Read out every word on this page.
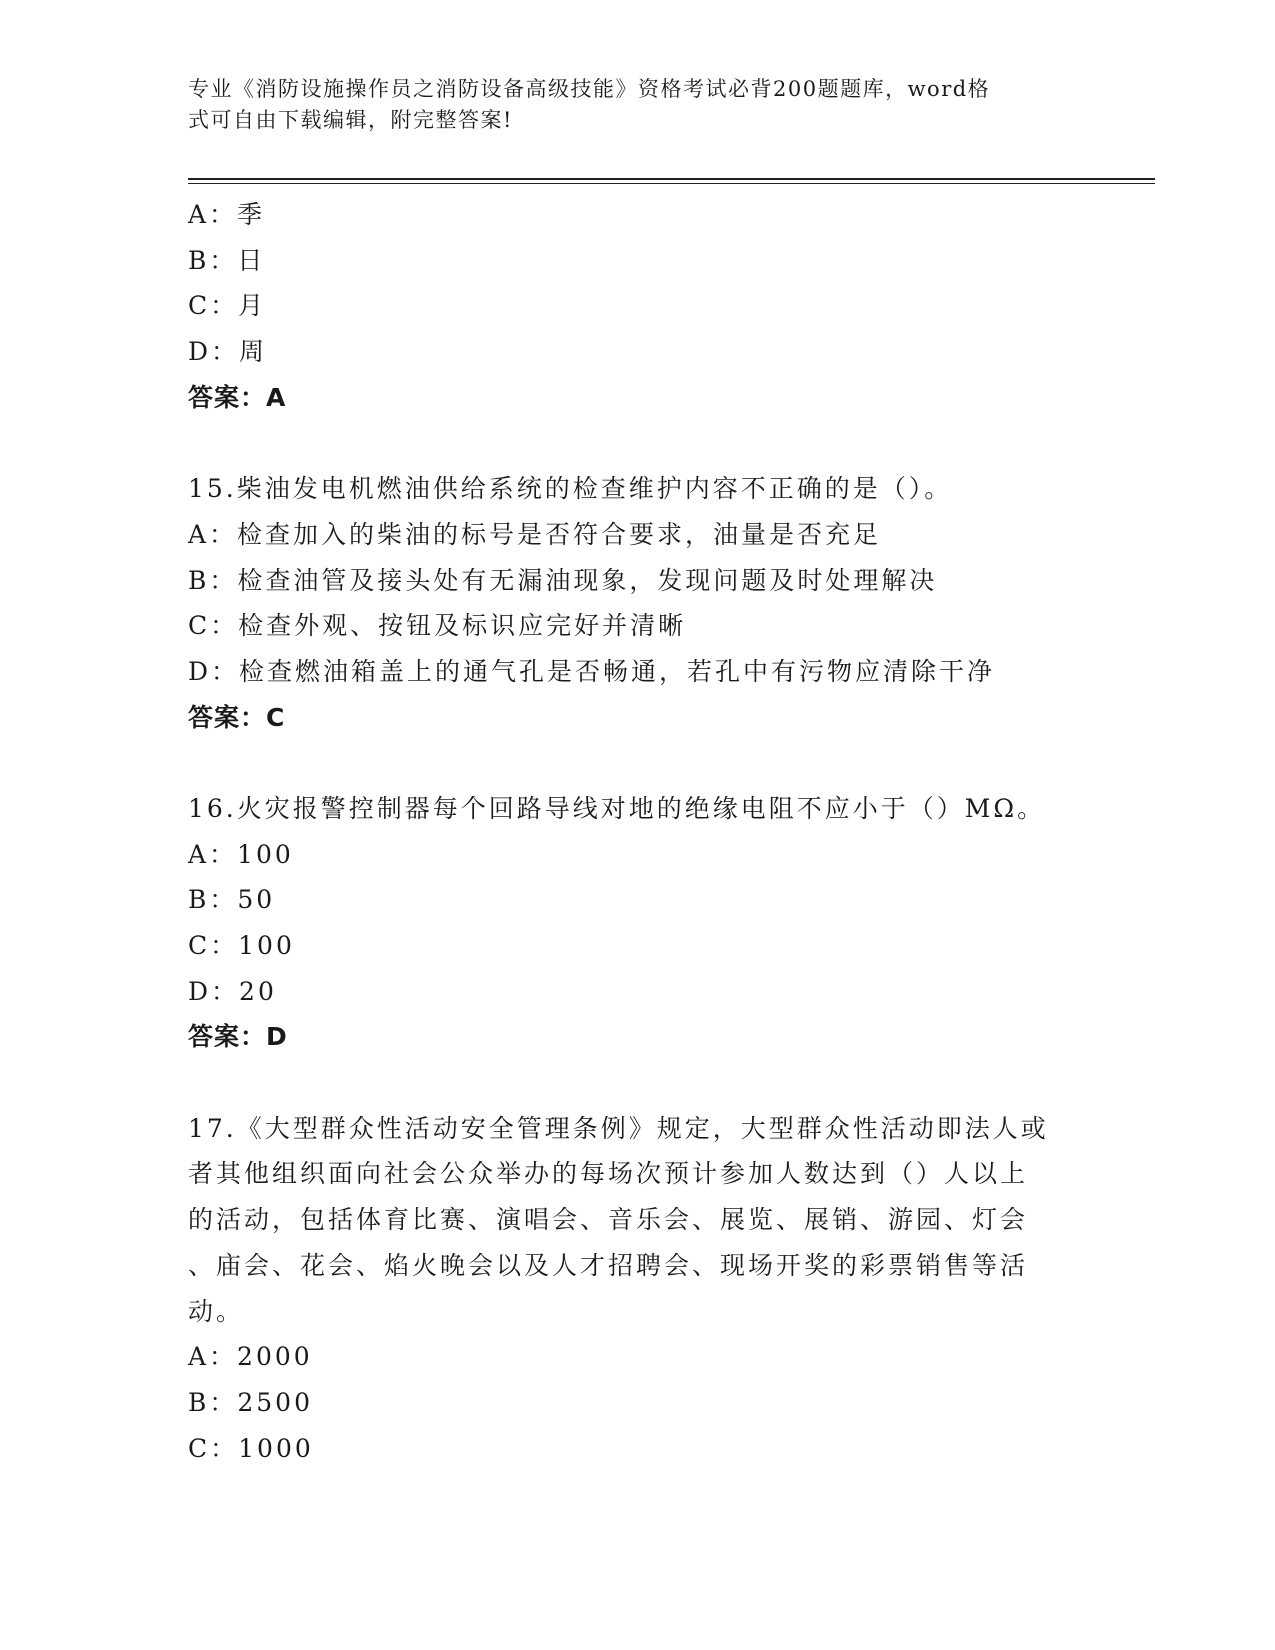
专业《消防设施操作员之消防设备高级技能》资格考试必背200题题库，word格
式可自由下载编辑，附完整答案!
A：季
B：日
C：月
D：周
答案：A
15.柴油发电机燃油供给系统的检查维护内容不正确的是（）。
A：检查加入的柴油的标号是否符合要求，油量是否充足
B：检查油管及接头处有无漏油现象，发现问题及时处理解决
C：检查外观、按钮及标识应完好并清晰
D：检查燃油箱盖上的通气孔是否畅通，若孔中有污物应清除干净
答案：C
16.火灾报警控制器每个回路导线对地的绝缘电阻不应小于（）MΩ。
A：100
B：50
C：100
D：20
答案：D
17.《大型群众性活动安全管理条例》规定，大型群众性活动即法人或
者其他组织面向社会公众举办的每场次预计参加人数达到（）人以上
的活动，包括体育比赛、演唱会、音乐会、展览、展销、游园、灯会
、庙会、花会、焰火晚会以及人才招聘会、现场开奖的彩票销售等活
动。
A：2000
B：2500
C：1000
